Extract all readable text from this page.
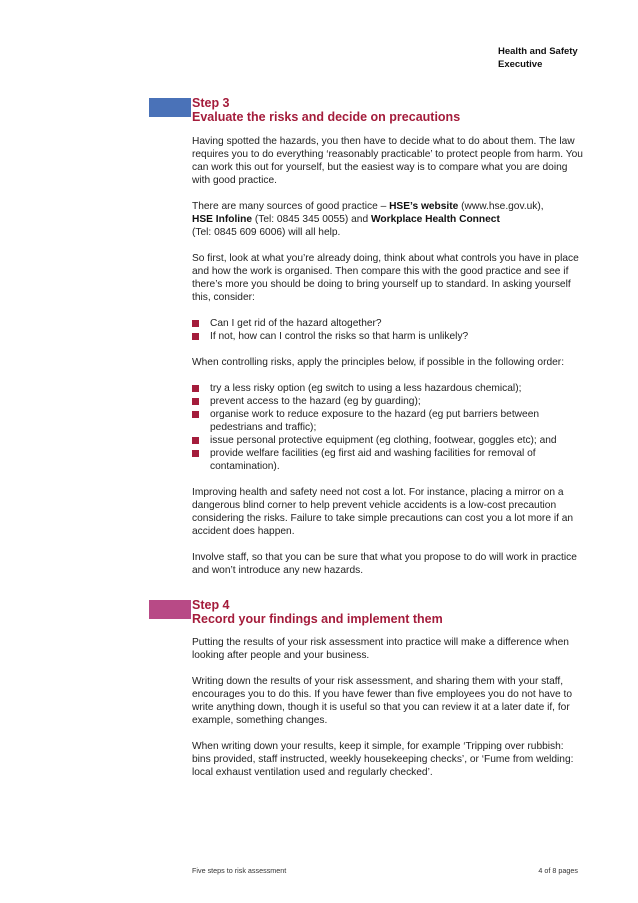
Health and Safety
Executive
Step 3
Evaluate the risks and decide on precautions

Having spotted the hazards, you then have to decide what to do about them. The law requires you to do everything ‘reasonably practicable’ to protect people from harm. You can work this out for yourself, but the easiest way is to compare what you are doing with good practice.

There are many sources of good practice – HSE’s website (www.hse.gov.uk),
HSE Infoline (Tel: 0845 345 0055) and Workplace Health Connect
(Tel: 0845 609 6006) will all help.

So first, look at what you’re already doing, think about what controls you have in place and how the work is organised. Then compare this with the good practice and see if there’s more you should be doing to bring yourself up to standard. In asking yourself this, consider:

Can I get rid of the hazard altogether?
If not, how can I control the risks so that harm is unlikely?

When controlling risks, apply the principles below, if possible in the following order:

try a less risky option (eg switch to using a less hazardous chemical);
prevent access to the hazard (eg by guarding);
organise work to reduce exposure to the hazard (eg put barriers between pedestrians and traffic);
issue personal protective equipment (eg clothing, footwear, goggles etc); and
provide welfare facilities (eg first aid and washing facilities for removal of contamination).

Improving health and safety need not cost a lot. For instance, placing a mirror on a dangerous blind corner to help prevent vehicle accidents is a low-cost precaution considering the risks. Failure to take simple precautions can cost you a lot more if an accident does happen.

Involve staff, so that you can be sure that what you propose to do will work in practice and won’t introduce any new hazards.

Step 4
Record your findings and implement them

Putting the results of your risk assessment into practice will make a difference when looking after people and your business.

Writing down the results of your risk assessment, and sharing them with your staff, encourages you to do this. If you have fewer than five employees you do not have to write anything down, though it is useful so that you can review it at a later date if, for example, something changes.

When writing down your results, keep it simple, for example ‘Tripping over rubbish: bins provided, staff instructed, weekly housekeeping checks’, or ‘Fume from welding: local exhaust ventilation used and regularly checked’.

Five steps to risk assessment	4 of 8 pages
